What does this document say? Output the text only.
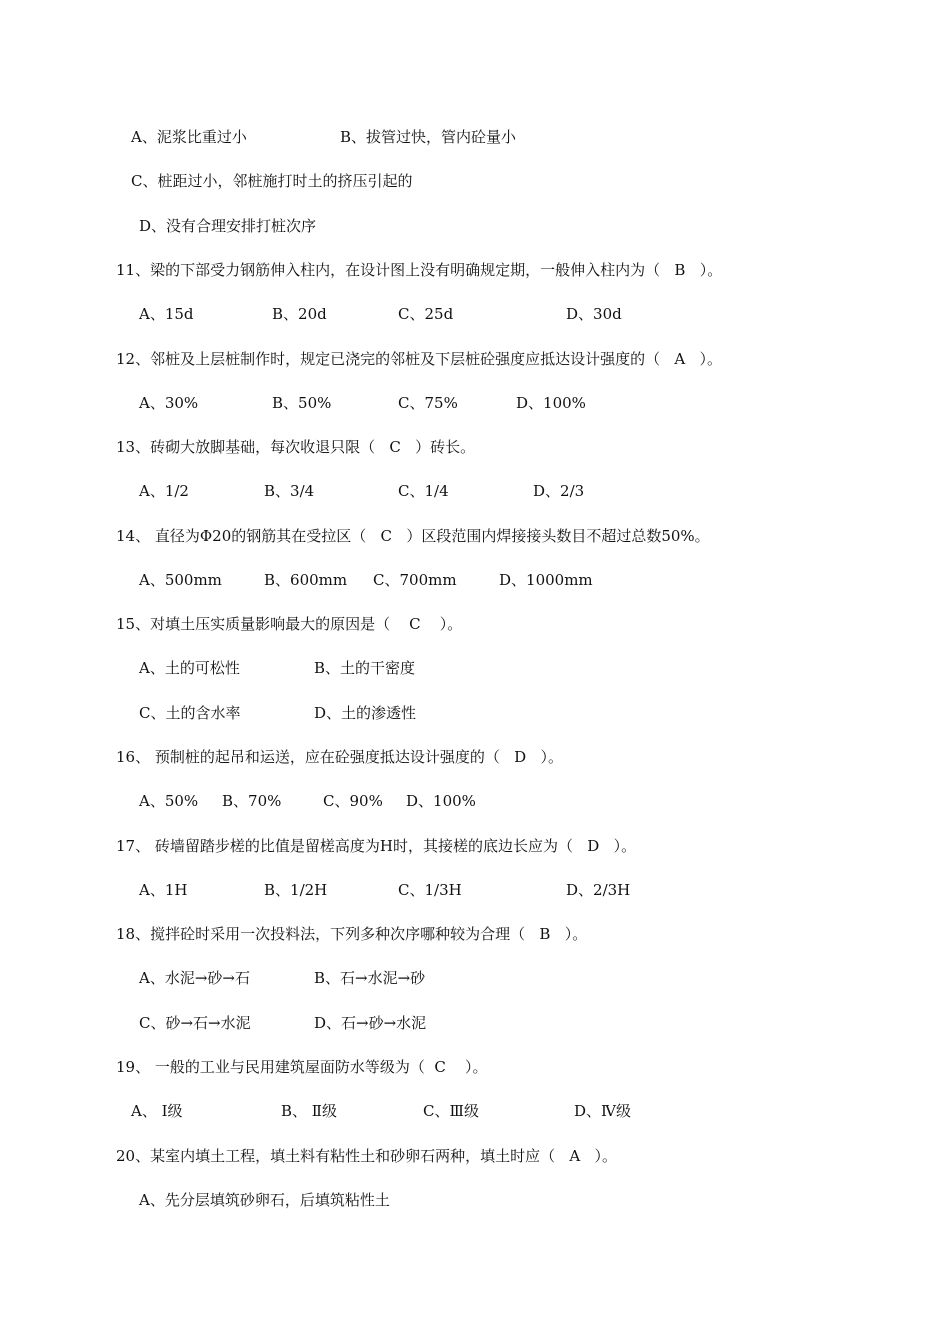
A、泥浆比重过小	B、拔管过快，管内砼量小
C、桩距过小，邻桩施打时土的挤压引起的
D、没有合理安排打桩次序
11、梁的下部受力钢筋伸入柱内，在设计图上没有明确规定期，一般伸入柱内为（   B   ）。
A、15d	B、20d	C、25d	D、30d
12、邻桩及上层桩制作时，规定已浇完的邻桩及下层桩砼强度应抵达设计强度的（   A   ）。
A、30%	B、50%	C、75%	D、100%
13、砖砌大放脚基础，每次收退只限（   C   ）砖长。
A、1/2	B、3/4	C、1/4	D、2/3
14、 直径为Φ20的钢筋其在受拉区（   C   ）区段范围内焊接接头数目不超过总数50%。
A、500mm	B、600mm C、700mm	D、1000mm
15、对填土压实质量影响最大的原因是（    C    ）。
A、土的可松性	B、土的干密度
C、土的含水率	D、土的渗透性
16、 预制桩的起吊和运送，应在砼强度抵达设计强度的（   D   ）。
A、50% B、70%	C、90% D、100%
17、 砖墙留踏步槎的比值是留槎高度为H时，其接槎的底边长应为（   D   ）。
A、1H	B、1/2H	C、1/3H	D、2/3H
18、搅拌砼时采用一次投料法，下列多种次序哪种较为合理（   B   ）。
A、水泥→砂→石	B、石→水泥→砂
C、砂→石→水泥	D、石→砂→水泥
19、 一般的工业与民用建筑屋面防水等级为（  C    ）。
A、 Ⅰ级	B、 Ⅱ级	C、Ⅲ级	D、Ⅳ级
20、某室内填土工程，填土料有粘性土和砂卵石两种，填土时应（   A   ）。
A、先分层填筑砂卵石，后填筑粘性土
